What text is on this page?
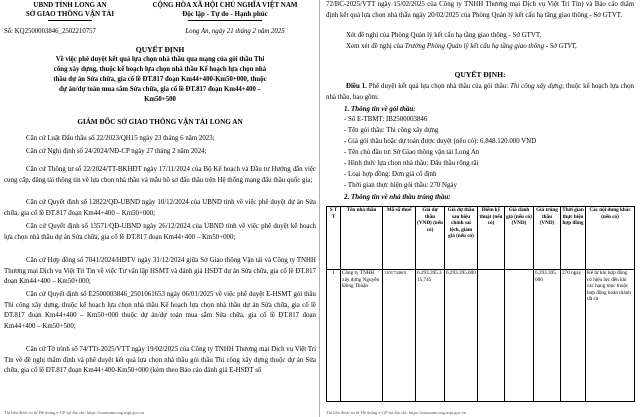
UBND TỈNH LONG AN
SỞ GIAO THÔNG VẬN TẢI
CỘNG HÒA XÃ HỘI CHỦ NGHĨA VIỆT NAM
Độc lập - Tự do - Hạnh phúc
Số: KQ2500003846_2502210757	Long An, ngày 21 tháng 2 năm 2025
QUYẾT ĐỊNH
Về việc phê duyệt kết quả lựa chọn nhà thầu qua mạng của gói thầu Thi
công xây dựng, thuộc kế hoạch lựa chọn nhà thầu Kế hoạch lựa chọn nhà
thầu dự án Sửa chữa, gia cố lề ĐT.817 đoạn Km44+400-Km50+000, thuộc
dự án/dự toán mua sắm Sửa chữa, gia cố lề ĐT.817 đoạn Km44+400 –
Km50+500
GIÁM ĐỐC SỞ GIAO THÔNG VẬN TẢI LONG AN
Căn cứ Luật Đấu thầu số 22/2023/QH15 ngày 23 tháng 6 năm 2023;
Căn cứ Nghị định số 24/2024/NĐ-CP ngày 27 tháng 2 năm 2024;
Căn cứ Thông tư số 22/2024/TT-BKHĐT ngày 17/11/2024 của Bộ Kế hoạch và Đầu tư Hướng dẫn việc cung cấp, đăng tải thông tin về lựa chọn nhà thầu và mẫu hồ sơ đấu thầu trên Hệ thống mạng đấu thầu quốc gia;
Căn cứ Quyết định số 12822/QĐ-UBND ngày 10/12/2024 của UBND tỉnh về việc phê duyệt dự án Sửa chữa, gia cố lề ĐT.817 đoạn Km44+400 – Km50+000;
Căn cứ Quyết định số 13571/QĐ-UBND ngày 26/12/2024 của UBND tỉnh về việc phê duyệt kế hoạch lựa chọn nhà thầu dự án Sửa chữa, gia cố lề ĐT.817 đoạn Km44+400 – Km50+000;
Căn cứ Hợp đồng số 7041/2024/HĐTV ngày 31/12/2024 giữa Sở Giao thông Vận tải và Công ty TNHH Thương mại Dịch vụ Việt Tri Tin về việc Tư vấn lập HSMT và đánh giá HSĐT dự án Sửa chữa, gia cố lề ĐT.817 đoạn Km44+400 – Km50+000;
Căn cứ Quyết định số E2500003846_2501061653 ngày 06/01/2025 về việc phê duyệt E-HSMT gói thầu Thi công xây dựng, thuộc kế hoạch lựa chọn nhà thầu Kế hoạch lựa chọn nhà thầu dự án Sửa chữa, gia cố lề ĐT.817 đoạn Km44+400 – Km50+000 thuộc dự án/dự toán mua sắm Sửa chữa, gia cố lề ĐT.817 đoạn Km44+400 – Km50+500;
Căn cứ Tờ trình số 74/TTr-2025/VTT ngày 19/02/2025 của Công ty TNHH Thương mại Dịch vụ Việt Trí Tín về đề nghị thẩm định và phê duyệt kết quả lựa chọn nhà thầu gói thầu Thi công xây dựng thuộc dự án Sửa chữa, gia cố lề ĐT.817 đoạn Km44+400-Km50+000 (kèm theo Báo cáo đánh giá E-HSDT số
Tài liệu được in từ Hệ thống e-GP tại địa chỉ: https://muasamcong.mpi.gov.vn
72/BC-2025/VTT ngày 15/02/2025 của Công ty TNHH Thương mại Dịch vụ Việt Trí Tín) và Báo cáo thẩm định kết quả lựa chọn nhà thầu ngày 20/02/2025 của Phòng Quản lý kết cấu hạ tầng giao thông - Sở GTVT.
Xét đề nghị của Phòng Quản lý kết cấu hạ tầng giao thông - Sở GTVT.
Xem xét đề nghị của Trưởng Phòng Quản lý kết cấu hạ tầng giao thông - Sở GTVT,
QUYẾT ĐỊNH:
Điều 1. Phê duyệt kết quả lựa chọn nhà thầu của gói thầu: Thi công xây dựng; thuộc kế hoạch lựa chọn nhà thầu, bao gồm:
1. Thông tin về gói thầu:
- Số E-TBMT: IB2500003846
- Tên gói thầu: Thi công xây dựng
- Giá gói thầu hoặc dự toán được duyệt (nếu có): 6.848.120.000 VND
- Tên chủ đầu tư: Sở Giao thông vận tải Long An
- Hình thức lựa chọn nhà thầu: Đấu thầu rộng rãi
- Loại hợp đồng: Đơn giá cố định
- Thời gian thực hiện gói thầu: 270 Ngày
2. Thông tin về nhà thầu trúng thầu:
S T T	Tên nhà thầu	Mã số thuế	Giá dự thầu (VND) (nếu có)	Giá dự thầu sau hiệu chỉnh sai lệch, giảm giá (nếu có)	Điểm kỹ thuật (nếu có)	Giá đánh giá (nếu có) (VND)	Giá trúng thầu (VND)	Thời gian thực hiện hợp đồng	Các nội dung khác (nếu có)
1	Công ty TNHH xây dựng Nguyễn Đồng Thuận	1101734601	6.293.395.315,745	6.293.395.000			6.293.395.000	270 ngày	Kể từ khi hợp đồng có hiệu lực đến khi các hạng mục thuộc hợp đồng hoàn thành tất cả
Tài liệu được in từ Hệ thống e-GP tại địa chỉ: https://muasamcong.mpi.gov.vn
